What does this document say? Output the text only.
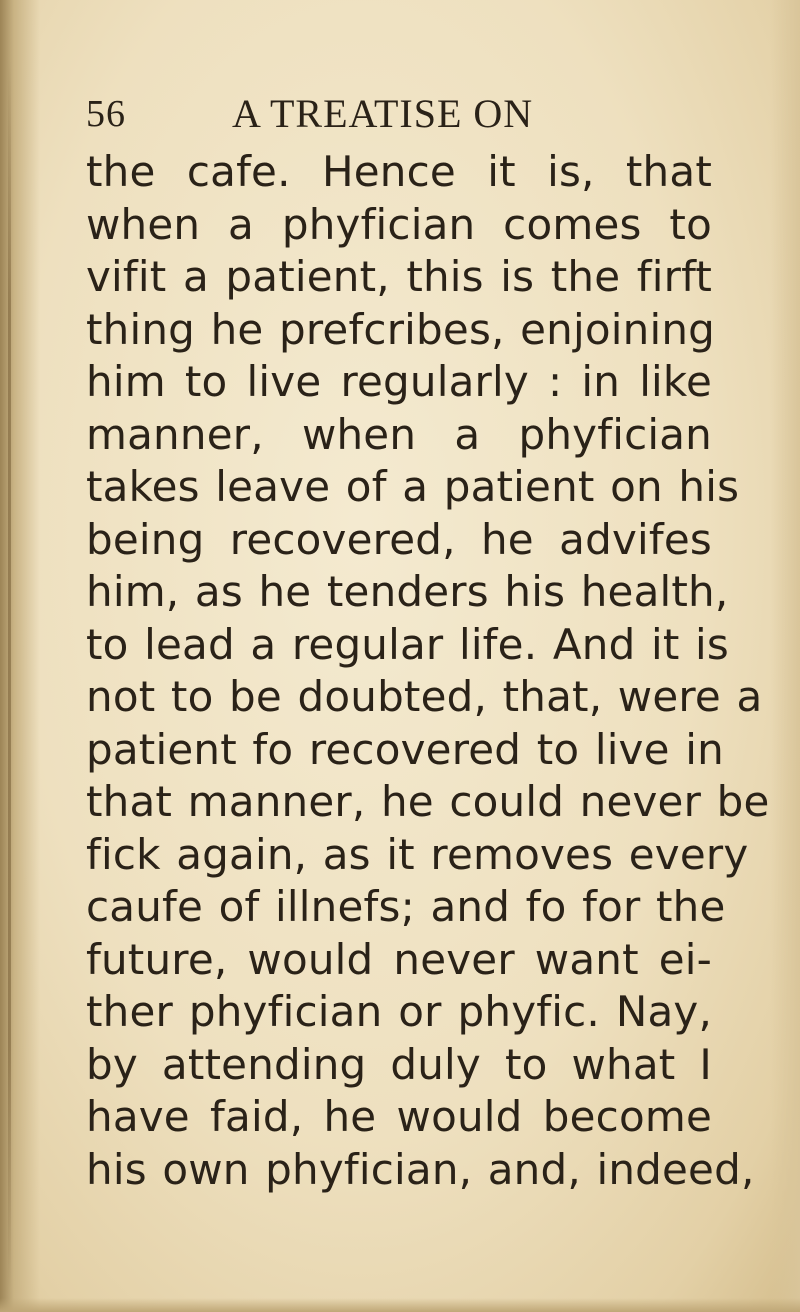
56	A TREATISE ON
the cafe. Hence it is, that
when a phyfician comes to
vifit a patient, this is the firft
thing he prefcribes, enjoining
him to live regularly : in like
manner, when a phyfician
takes leave of a patient on his
being recovered, he advifes
him, as he tenders his health,
to lead a regular life. And it is
not to be doubted, that, were a
patient fo recovered to live in
that manner, he could never be
fick again, as it removes every
caufe of illnefs; and fo for the
future, would never want ei-
ther phyfician or phyfic. Nay,
by attending duly to what I
have faid, he would become
his own phyfician, and, indeed,
